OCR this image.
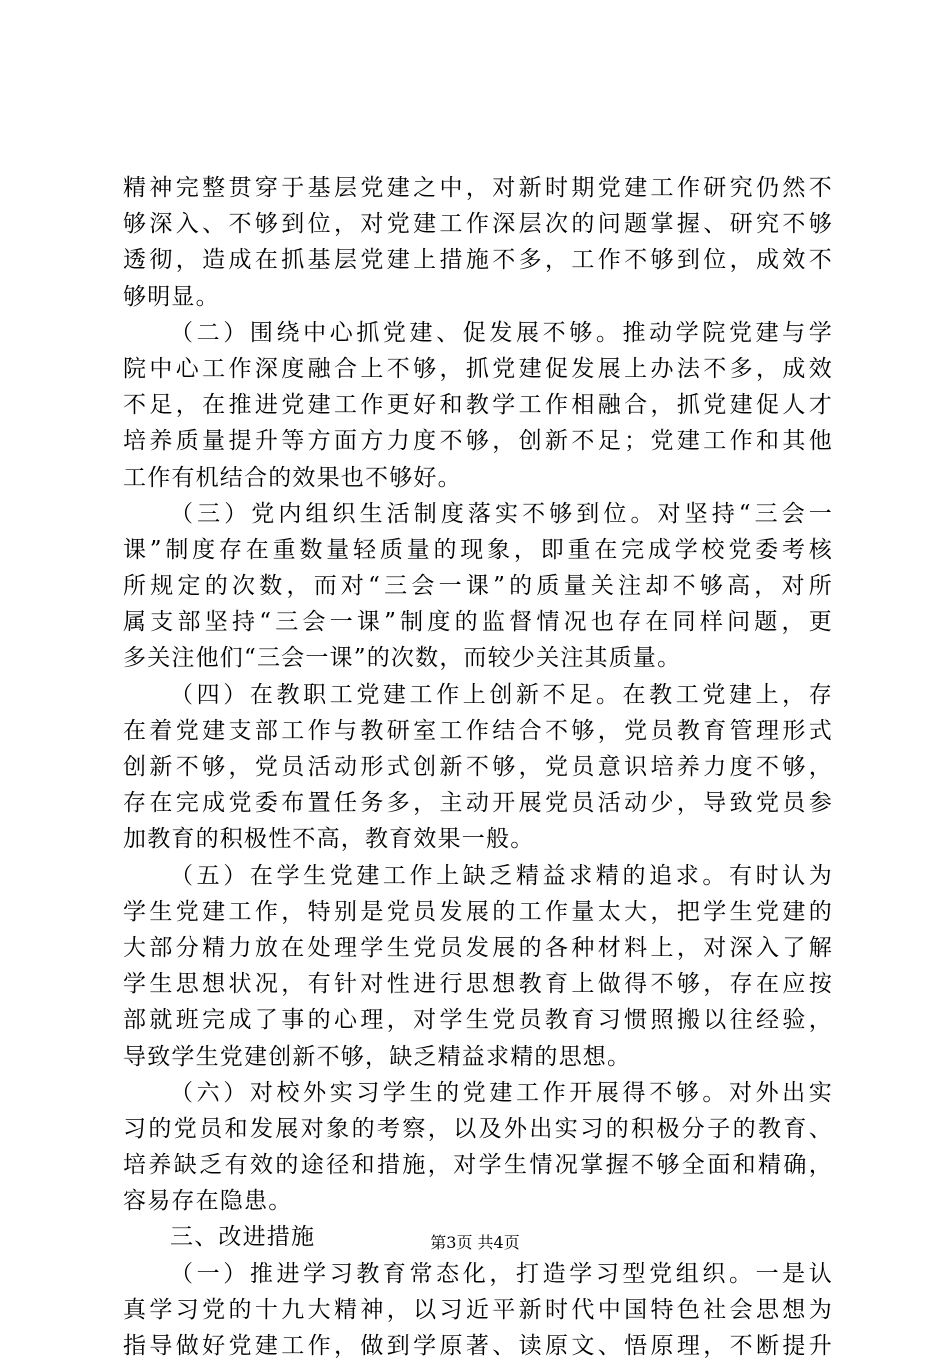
精神完整贯穿于基层党建之中，对新时期党建工作研究仍然不
够深入、不够到位，对党建工作深层次的问题掌握、研究不够
透彻，造成在抓基层党建上措施不多，工作不够到位，成效不
够明显。
（二）围绕中心抓党建、促发展不够。推动学院党建与学
院中心工作深度融合上不够，抓党建促发展上办法不多，成效
不足，在推进党建工作更好和教学工作相融合，抓党建促人才
培养质量提升等方面方力度不够，创新不足；党建工作和其他
工作有机结合的效果也不够好。
（三）党内组织生活制度落实不够到位。对坚持“三会一
课”制度存在重数量轻质量的现象，即重在完成学校党委考核
所规定的次数，而对“三会一课”的质量关注却不够高，对所
属支部坚持“三会一课”制度的监督情况也存在同样问题，更
多关注他们“三会一课”的次数，而较少关注其质量。
（四）在教职工党建工作上创新不足。在教工党建上，存
在着党建支部工作与教研室工作结合不够，党员教育管理形式
创新不够，党员活动形式创新不够，党员意识培养力度不够，
存在完成党委布置任务多，主动开展党员活动少，导致党员参
加教育的积极性不高，教育效果一般。
（五）在学生党建工作上缺乏精益求精的追求。有时认为
学生党建工作，特别是党员发展的工作量太大，把学生党建的
大部分精力放在处理学生党员发展的各种材料上，对深入了解
学生思想状况，有针对性进行思想教育上做得不够，存在应按
部就班完成了事的心理，对学生党员教育习惯照搬以往经验，
导致学生党建创新不够，缺乏精益求精的思想。
（六）对校外实习学生的党建工作开展得不够。对外出实
习的党员和发展对象的考察，以及外出实习的积极分子的教育、
培养缺乏有效的途径和措施，对学生情况掌握不够全面和精确，
容易存在隐患。
三、改进措施
（一）推进学习教育常态化，打造学习型党组织。一是认
真学习党的十九大精神，以习近平新时代中国特色社会思想为
指导做好党建工作，做到学原著、读原文、悟原理，不断提升
第3页 共4页
